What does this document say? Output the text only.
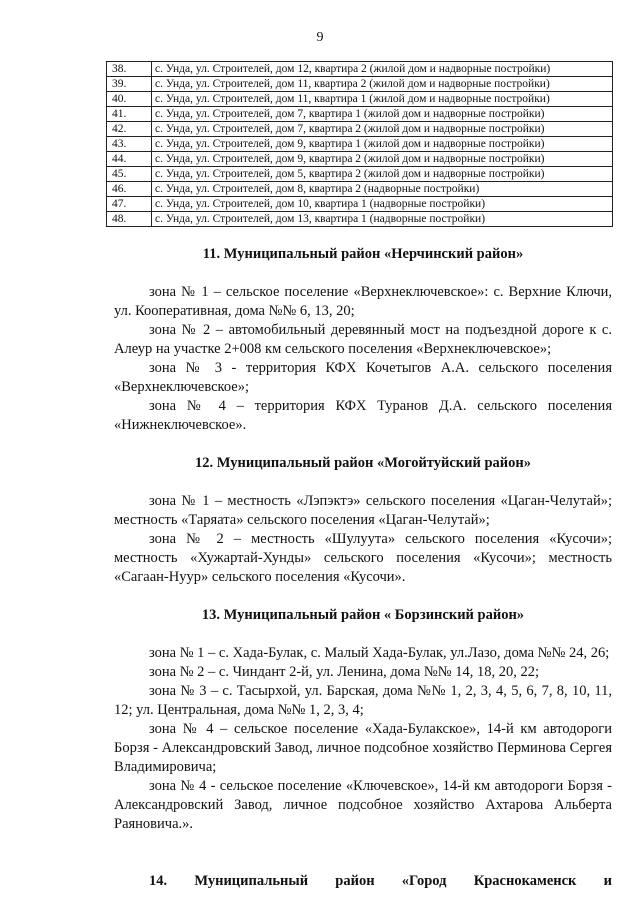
9
38.	с. Унда, ул. Строителей, дом 12, квартира 2 (жилой дом и надворные постройки)
39.	с. Унда, ул. Строителей, дом 11, квартира 2 (жилой дом и надворные постройки)
40.	с. Унда, ул. Строителей, дом 11, квартира 1 (жилой дом и надворные постройки)
41.	с. Унда, ул. Строителей, дом 7, квартира 1 (жилой дом и надворные постройки)
42.	с. Унда, ул. Строителей, дом 7, квартира 2 (жилой дом и надворные постройки)
43.	с. Унда, ул. Строителей, дом 9, квартира 1 (жилой дом и надворные постройки)
44.	с. Унда, ул. Строителей, дом 9, квартира 2 (жилой дом и надворные постройки)
45.	с. Унда, ул. Строителей, дом 5, квартира 2 (жилой дом и надворные постройки)
46.	с. Унда, ул. Строителей, дом 8, квартира 2 (надворные постройки)
47.	с. Унда, ул. Строителей, дом 10, квартира 1 (надворные постройки)
48.	с. Унда, ул. Строителей, дом 13, квартира 1 (надворные постройки)
11. Муниципальный район «Нерчинский район»

зона № 1 – сельское поселение «Верхнеключевское»: с. Верхние Ключи, ул. Кооперативная, дома №№ 6, 13, 20;

зона № 2 – автомобильный деревянный мост на подъездной дороге к с. Алеур на участке 2+008 км сельского поселения «Верхнеключевское»;

зона № 3 - территория КФХ Кочетыгов А.А. сельского поселения «Верхнеключевское»;

зона № 4 – территория КФХ Туранов Д.А. сельского поселения «Нижнеключевское».

12. Муниципальный район «Могойтуйский район»

зона № 1 – местность «Лэпэктэ» сельского поселения «Цаган-Челутай»; местность «Таряата» сельского поселения «Цаган-Челутай»;

зона № 2 – местность «Шулуута» сельского поселения «Кусочи»; местность «Хужартай-Хунды» сельского поселения «Кусочи»; местность «Сагаан-Нуур» сельского поселения «Кусочи».

13. Муниципальный район « Борзинский район»

зона № 1 – с. Хада-Булак, с. Малый Хада-Булак, ул.Лазо, дома №№ 24, 26;

зона № 2 – с. Чиндант 2-й, ул. Ленина, дома №№ 14, 18, 20, 22;

зона № 3 – с. Тасырхой, ул. Барская, дома №№ 1, 2, 3, 4, 5, 6, 7, 8, 10, 11, 12; ул. Центральная, дома №№ 1, 2, 3, 4;

зона № 4 – сельское поселение «Хада-Булакское», 14-й км автодороги Борзя - Александровский Завод, личное подсобное хозяйство Перминова Сергея Владимировича;

зона № 4 - сельское поселение «Ключевское», 14-й км автодороги Борзя - Александровский Завод, личное подсобное хозяйство Ахтарова Альберта Раяновича.».

14. Муниципальный район «Город Краснокаменск и
